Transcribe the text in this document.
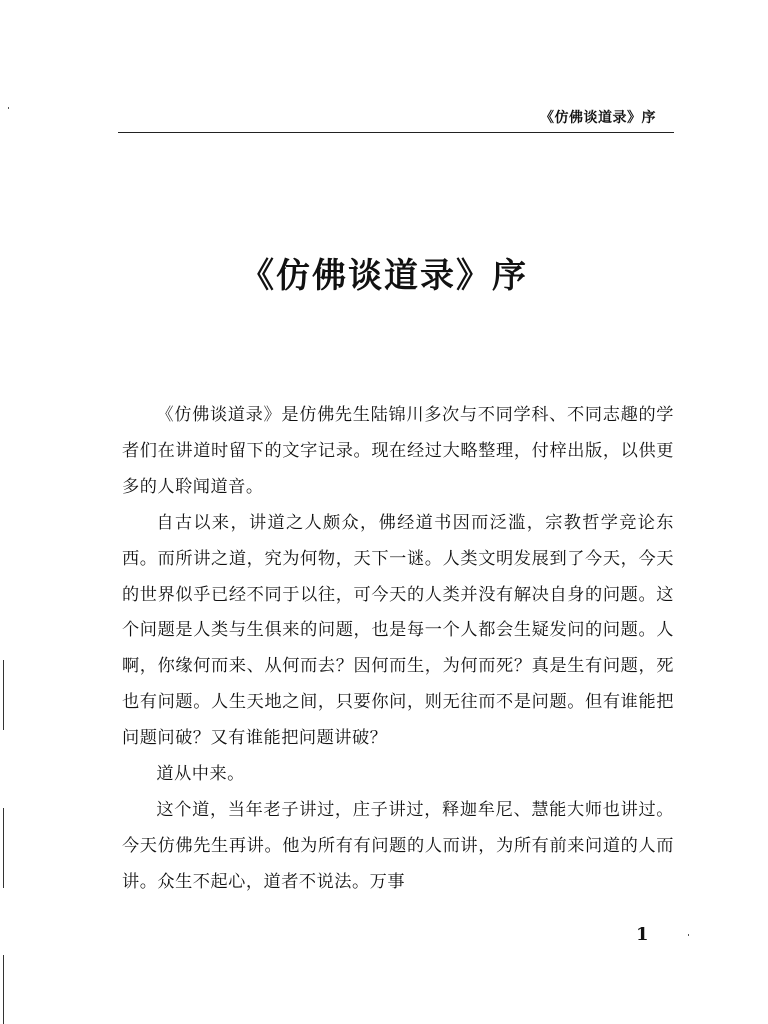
《仿佛谈道录》序
《仿佛谈道录》序

《仿佛谈道录》是仿佛先生陆锦川多次与不同学科、不同志趣的学者们在讲道时留下的文字记录。现在经过大略整理，付梓出版，以供更多的人聆闻道音。

自古以来，讲道之人颇众，佛经道书因而泛滥，宗教哲学竞论东西。而所讲之道，究为何物，天下一谜。人类文明发展到了今天，今天的世界似乎已经不同于以往，可今天的人类并没有解决自身的问题。这个问题是人类与生俱来的问题，也是每一个人都会生疑发问的问题。人啊，你缘何而来、从何而去？因何而生，为何而死？真是生有问题，死也有问题。人生天地之间，只要你问，则无往而不是问题。但有谁能把问题问破？又有谁能把问题讲破？

道从中来。

这个道，当年老子讲过，庄子讲过，释迦牟尼、慧能大师也讲过。今天仿佛先生再讲。他为所有有问题的人而讲，为所有前来问道的人而讲。众生不起心，道者不说法。万事

1
